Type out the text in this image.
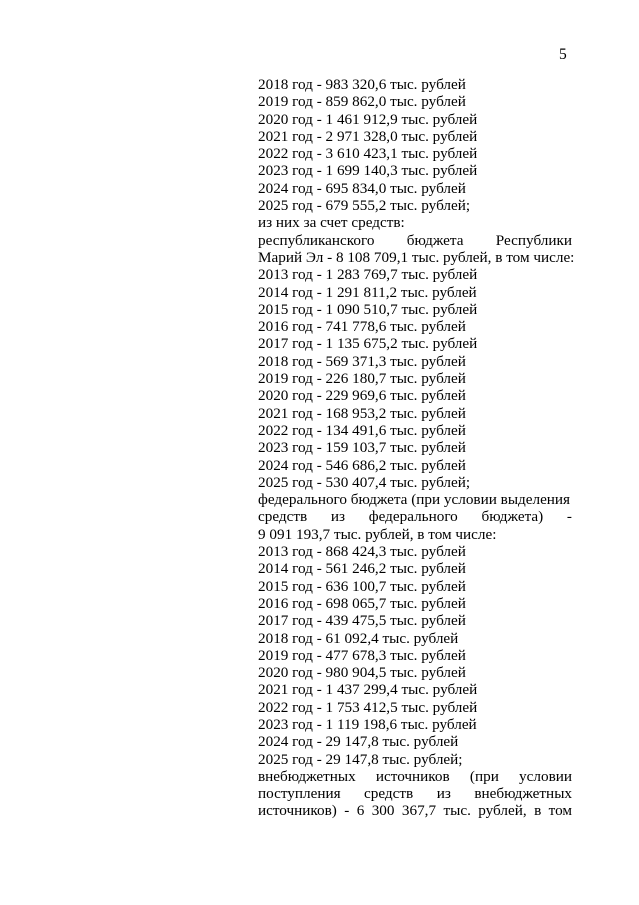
5
2018 год - 983 320,6 тыс. рублей
2019 год - 859 862,0 тыс. рублей
2020 год - 1 461 912,9 тыс. рублей
2021 год - 2 971 328,0 тыс. рублей
2022 год - 3 610 423,1 тыс. рублей
2023 год - 1 699 140,3 тыс. рублей
2024 год - 695 834,0 тыс. рублей
2025 год - 679 555,2 тыс. рублей;
из них за счет средств:
республиканского бюджета Республики
Марий Эл - 8 108 709,1 тыс. рублей, в том числе:
2013 год - 1 283 769,7 тыс. рублей
2014 год - 1 291 811,2 тыс. рублей
2015 год - 1 090 510,7 тыс. рублей
2016 год - 741 778,6 тыс. рублей
2017 год - 1 135 675,2 тыс. рублей
2018 год - 569 371,3 тыс. рублей
2019 год - 226 180,7 тыс. рублей
2020 год - 229 969,6 тыс. рублей
2021 год - 168 953,2 тыс. рублей
2022 год - 134 491,6 тыс. рублей
2023 год - 159 103,7 тыс. рублей
2024 год - 546 686,2 тыс. рублей
2025 год - 530 407,4 тыс. рублей;
федерального бюджета (при условии выделения
средств из федерального бюджета) -
9 091 193,7 тыс. рублей, в том числе:
2013 год - 868 424,3 тыс. рублей
2014 год - 561 246,2 тыс. рублей
2015 год - 636 100,7 тыс. рублей
2016 год - 698 065,7 тыс. рублей
2017 год - 439 475,5 тыс. рублей
2018 год - 61 092,4 тыс. рублей
2019 год - 477 678,3 тыс. рублей
2020 год - 980 904,5 тыс. рублей
2021 год - 1 437 299,4 тыс. рублей
2022 год - 1 753 412,5 тыс. рублей
2023 год - 1 119 198,6 тыс. рублей
2024 год - 29 147,8 тыс. рублей
2025 год - 29 147,8 тыс. рублей;
внебюджетных источников (при условии
поступления средств из внебюджетных
источников) - 6 300 367,7 тыс. рублей, в том
